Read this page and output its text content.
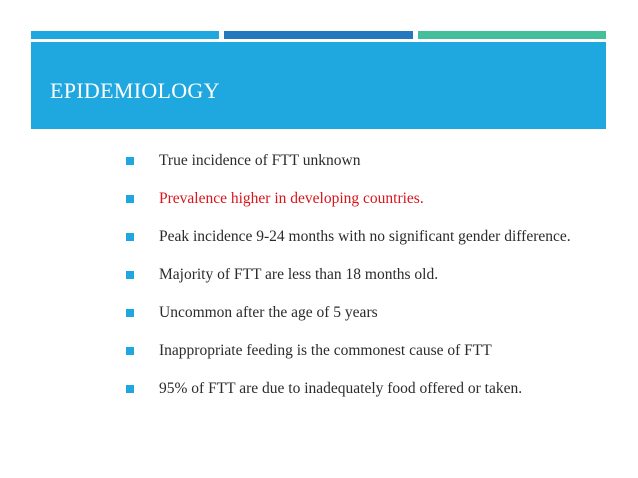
EPIDEMIOLOGY
True incidence of FTT unknown
Prevalence higher in developing countries.
Peak incidence 9-24 months with no significant gender difference.
Majority of FTT are less than 18 months old.
Uncommon after the age of 5 years
Inappropriate feeding is the commonest cause of FTT
95% of FTT are due to inadequately food offered or taken.
